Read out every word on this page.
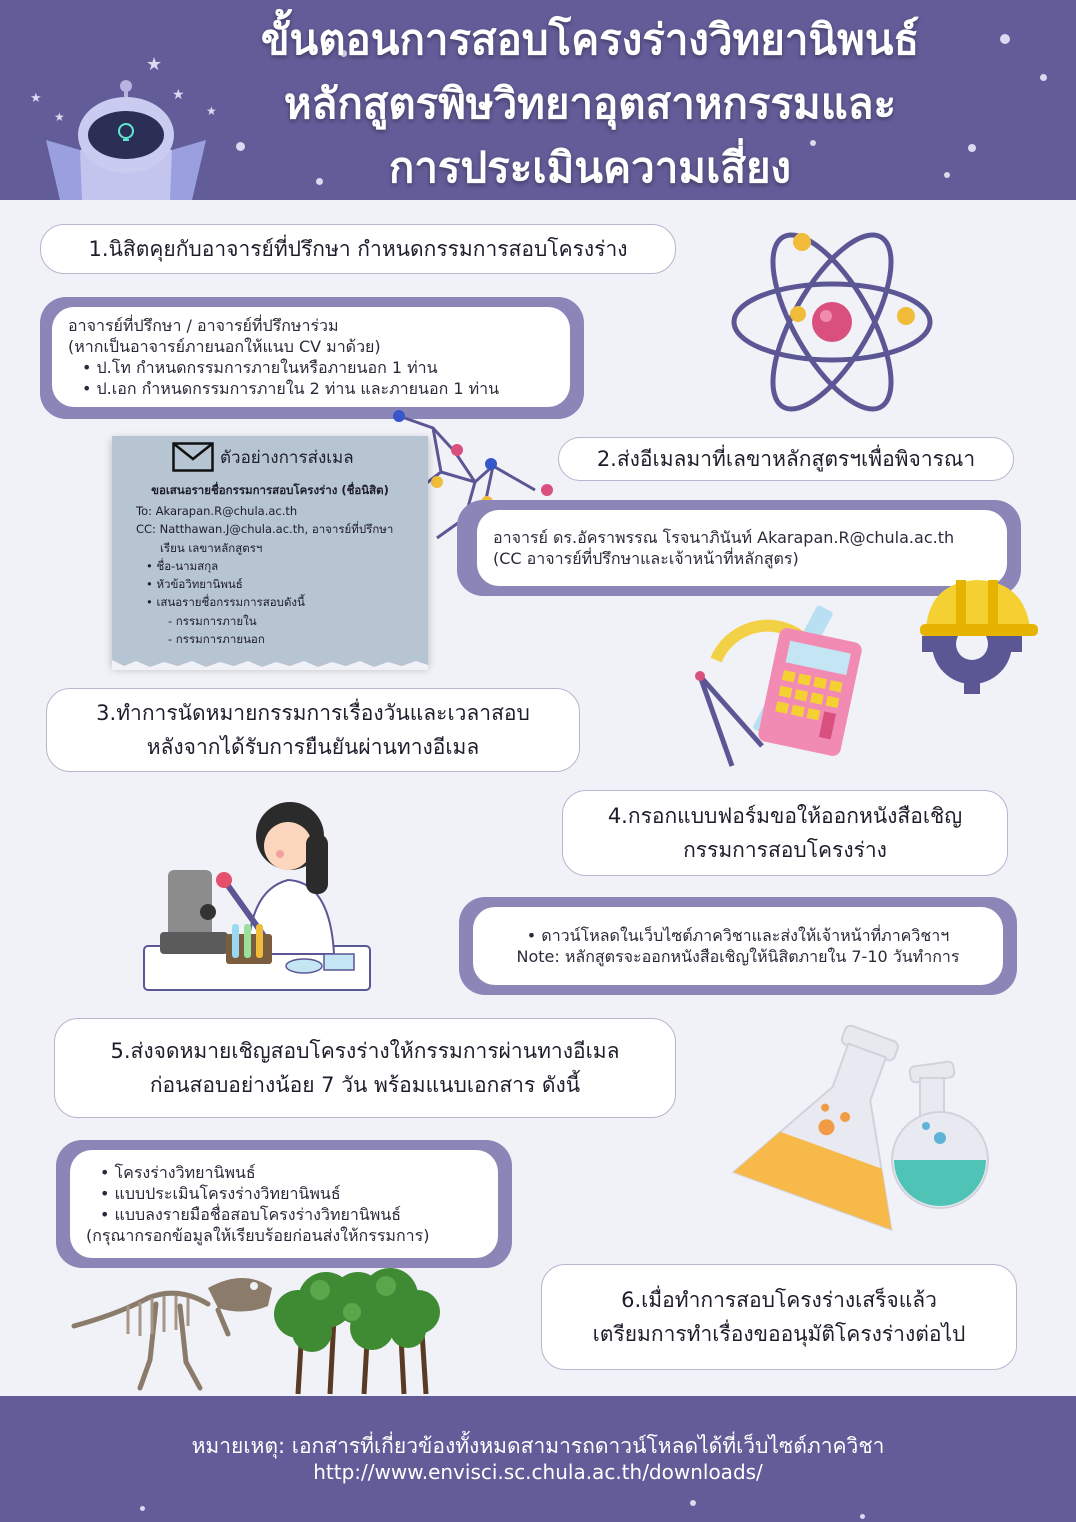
★
★	★
★
★
ขั้นตอนการสอบโครงร่างวิทยานิพนธ์
หลักสูตรพิษวิทยาอุตสาหกรรมและ
การประเมินความเสี่ยง
1.นิสิตคุยกับอาจารย์ที่ปรึกษา กำหนดกรรมการสอบโครงร่าง
อาจารย์ที่ปรึกษา / อาจารย์ที่ปรึกษาร่วม
(หากเป็นอาจารย์ภายนอกให้แนบ CV มาด้วย)
• ป.โท กำหนดกรรมการภายในหรือภายนอก 1 ท่าน
• ป.เอก กำหนดกรรมการภายใน 2 ท่าน และภายนอก 1 ท่าน
ตัวอย่างการส่งเมล
ขอเสนอรายชื่อกรรมการสอบโครงร่าง (ชื่อนิสิต)
To: Akarapan.R@chula.ac.th
CC: Natthawan.J@chula.ac.th, อาจารย์ที่ปรึกษา
เรียน เลขาหลักสูตรฯ
• ชื่อ-นามสกุล
• หัวข้อวิทยานิพนธ์
• เสนอรายชื่อกรรมการสอบดังนี้
- กรรมการภายใน
- กรรมการภายนอก
2.ส่งอีเมลมาที่เลขาหลักสูตรฯเพื่อพิจารณา
อาจารย์ ดร.อัคราพรรณ โรจนาภินันท์ Akarapan.R@chula.ac.th
(CC อาจารย์ที่ปรึกษาและเจ้าหน้าที่หลักสูตร)
3.ทำการนัดหมายกรรมการเรื่องวันและเวลาสอบ
หลังจากได้รับการยืนยันผ่านทางอีเมล
4.กรอกแบบฟอร์มขอให้ออกหนังสือเชิญ
กรรมการสอบโครงร่าง
• ดาวน์โหลดในเว็บไซต์ภาควิชาและส่งให้เจ้าหน้าที่ภาควิชาฯ
Note: หลักสูตรจะออกหนังสือเชิญให้นิสิตภายใน 7-10 วันทำการ
5.ส่งจดหมายเชิญสอบโครงร่างให้กรรมการผ่านทางอีเมล
ก่อนสอบอย่างน้อย 7 วัน พร้อมแนบเอกสาร ดังนี้
• โครงร่างวิทยานิพนธ์
• แบบประเมินโครงร่างวิทยานิพนธ์
• แบบลงรายมือชื่อสอบโครงร่างวิทยานิพนธ์
(กรุณากรอกข้อมูลให้เรียบร้อยก่อนส่งให้กรรมการ)
6.เมื่อทำการสอบโครงร่างเสร็จแล้ว
เตรียมการทำเรื่องขออนุมัติโครงร่างต่อไป
หมายเหตุ: เอกสารที่เกี่ยวข้องทั้งหมดสามารถดาวน์โหลดได้ที่เว็บไซต์ภาควิชา
http://www.envisci.sc.chula.ac.th/downloads/
